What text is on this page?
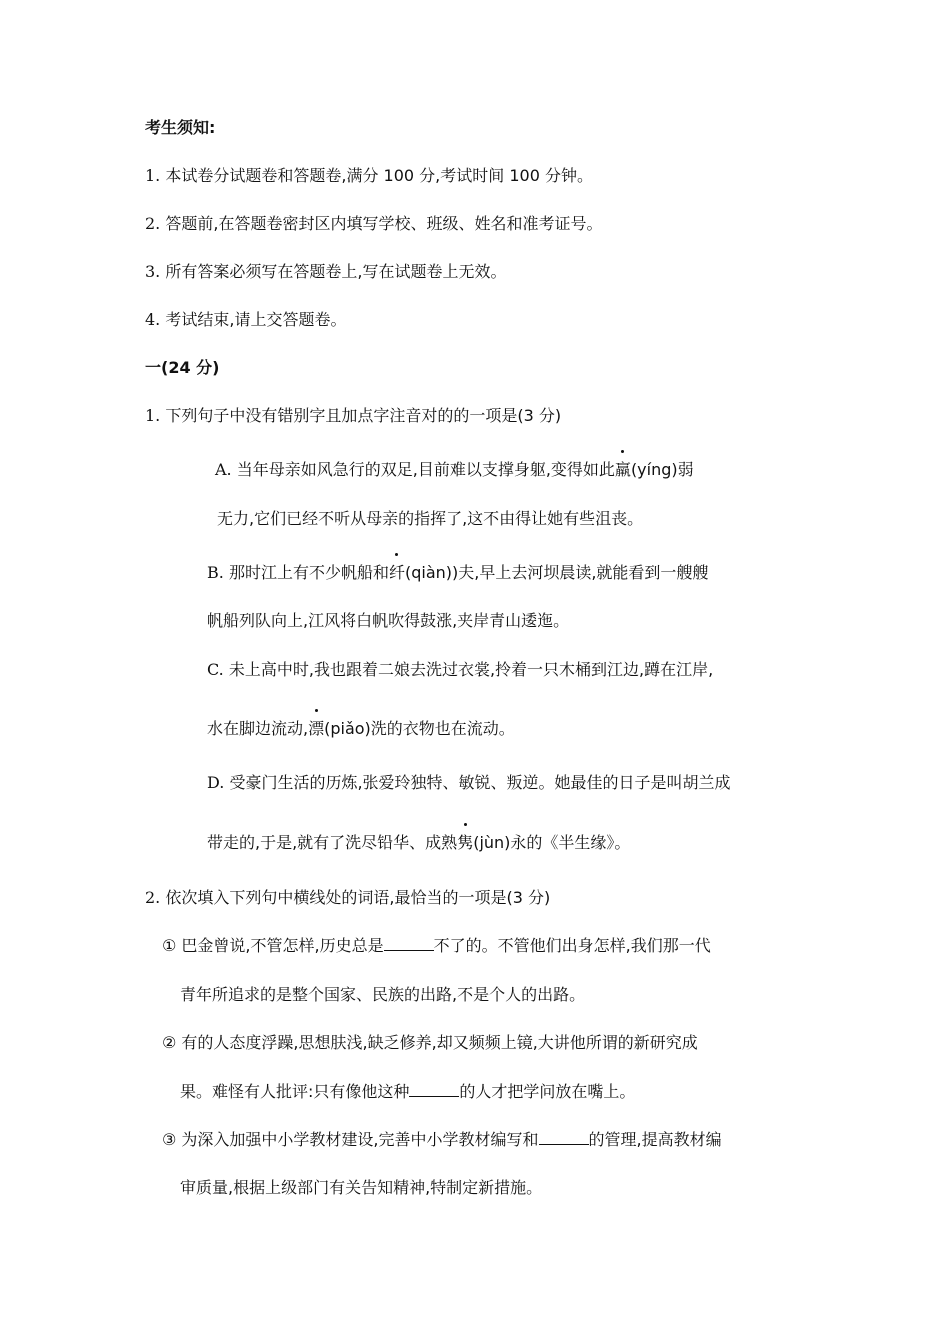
考生须知:
1. 本试卷分试题卷和答题卷,满分 100 分,考试时间 100 分钟。
2. 答题前,在答题卷密封区内填写学校、班级、姓名和准考证号。
3. 所有答案必须写在答题卷上,写在试题卷上无效。
4. 考试结束,请上交答题卷。
一(24 分)
1. 下列句子中没有错别字且加点字注音对的的一项是(3 分)
A. 当年母亲如风急行的双足,目前难以支撑身躯,变得如此羸(yíng)弱
无力,它们已经不听从母亲的指挥了,这不由得让她有些沮丧。
B. 那时江上有不少帆船和纤(qiàn))夫,早上去河坝晨读,就能看到一艘艘
帆船列队向上,江风将白帆吹得鼓涨,夹岸青山逶迤。
C. 未上高中时,我也跟着二娘去洗过衣裳,拎着一只木桶到江边,蹲在江岸,
水在脚边流动,漂(piǎo)洗的衣物也在流动。
D. 受豪门生活的历炼,张爱玲独特、敏锐、叛逆。她最佳的日子是叫胡兰成
带走的,于是,就有了洗尽铅华、成熟隽(jùn)永的《半生缘》。
2. 依次填入下列句中横线处的词语,最恰当的一项是(3 分)
① 巴金曾说,不管怎样,历史总是	不了的。不管他们出身怎样,我们那一代
青年所追求的是整个国家、民族的出路,不是个人的出路。
② 有的人态度浮躁,思想肤浅,缺乏修养,却又频频上镜,大讲他所谓的新研究成
果。难怪有人批评:只有像他这种	的人才把学问放在嘴上。
③ 为深入加强中小学教材建设,完善中小学教材编写和	的管理,提高教材编
审质量,根据上级部门有关告知精神,特制定新措施。
